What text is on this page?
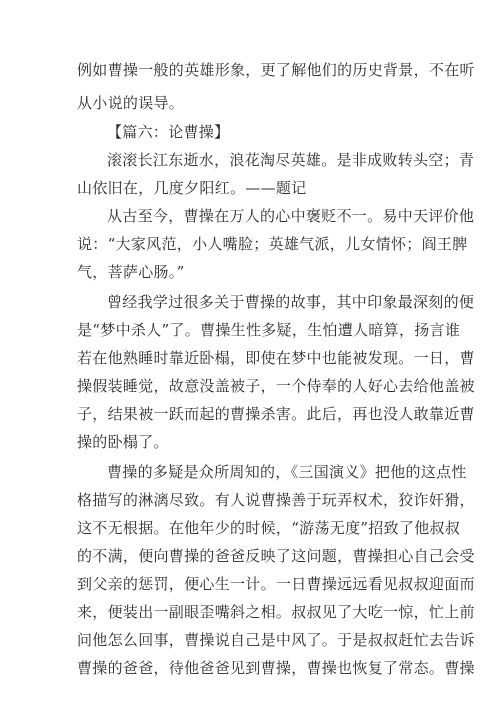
例如曹操一般的英雄形象，更了解他们的历史背景，不在听

从小说的误导。

【篇六：论曹操】

滚滚长江东逝水，浪花淘尽英雄。是非成败转头空；青

山依旧在，几度夕阳红。——题记

从古至今，曹操在万人的心中褒贬不一。易中天评价他

说：“大家风范，小人嘴脸；英雄气派，儿女情怀；阎王脾

气，菩萨心肠。”

曾经我学过很多关于曹操的故事，其中印象最深刻的便

是“梦中杀人”了。曹操生性多疑，生怕遭人暗算，扬言谁

若在他熟睡时靠近卧榻，即使在梦中也能被发现。一日，曹

操假装睡觉，故意没盖被子，一个侍奉的人好心去给他盖被

子，结果被一跃而起的曹操杀害。此后，再也没人敢靠近曹

操的卧榻了。

曹操的多疑是众所周知的，《三国演义》把他的这点性

格描写的淋漓尽致。有人说曹操善于玩弄权术，狡诈奸猾，

这不无根据。在他年少的时候，“游荡无度”招致了他叔叔

的不满，便向曹操的爸爸反映了这问题，曹操担心自己会受

到父亲的惩罚，便心生一计。一日曹操远远看见叔叔迎面而

来，便装出一副眼歪嘴斜之相。叔叔见了大吃一惊，忙上前

问他怎么回事，曹操说自己是中风了。于是叔叔赶忙去告诉

曹操的爸爸，待他爸爸见到曹操，曹操也恢复了常态。曹操
